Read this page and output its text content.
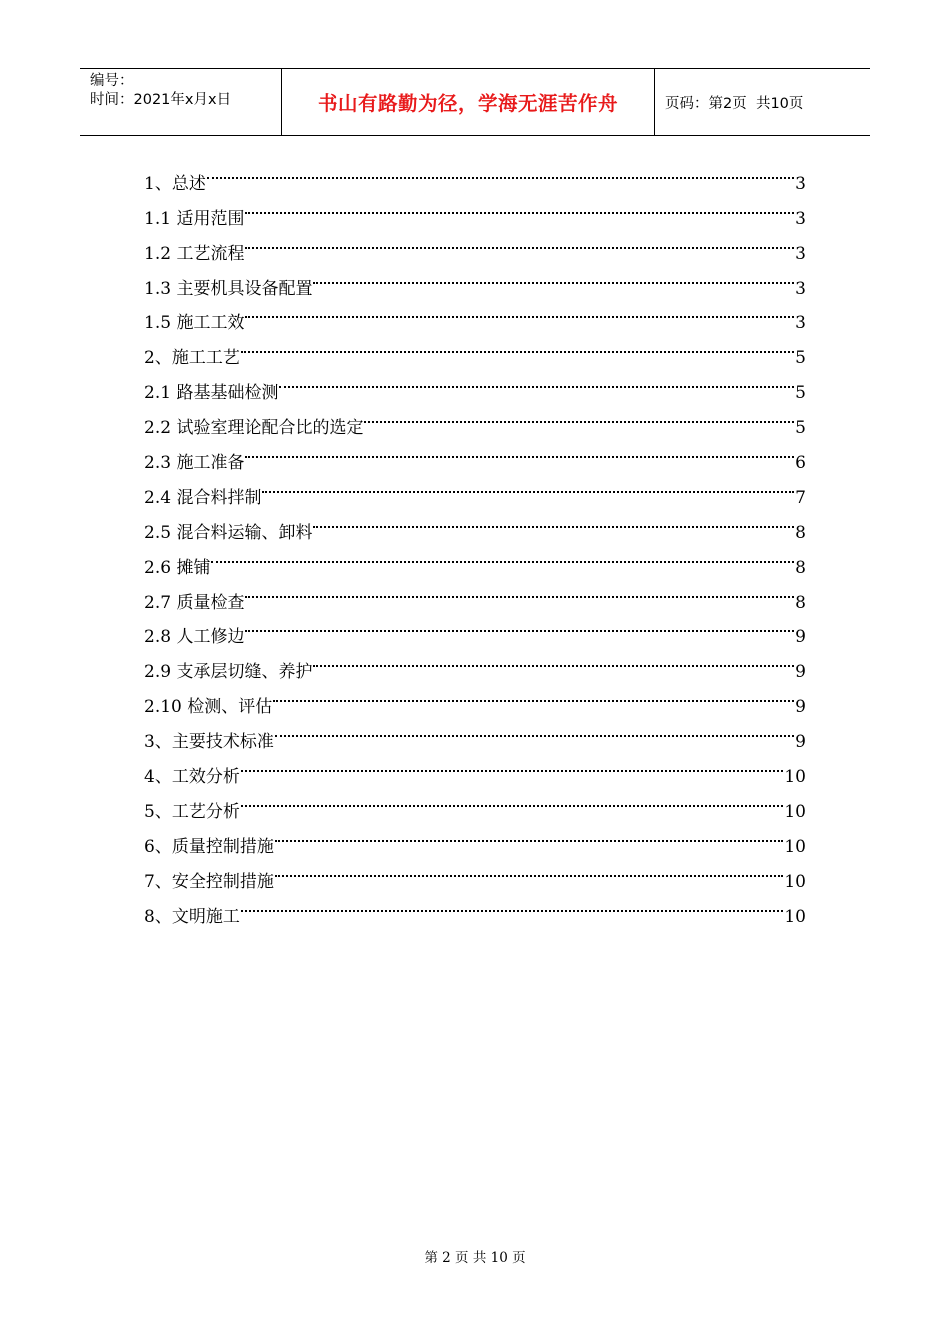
编号：
时间：2021年x月x日	书山有路勤为径，学海无涯苦作舟	页码：第2页  共10页
1、总述	3
1.1 适用范围	3
1.2 工艺流程	3
1.3 主要机具设备配置	3
1.5 施工工效	3
2、施工工艺	5
2.1 路基基础检测	5
2.2 试验室理论配合比的选定	5
2.3 施工准备	6
2.4 混合料拌制	7
2.5 混合料运输、卸料	8
2.6 摊铺	8
2.7 质量检查	8
2.8 人工修边	9
2.9 支承层切缝、养护	9
2.10 检测、评估	9
3、主要技术标准	9
4、工效分析	10
5、工艺分析	10
6、质量控制措施	10
7、安全控制措施	10
8、文明施工	10
第 2 页 共 10 页
